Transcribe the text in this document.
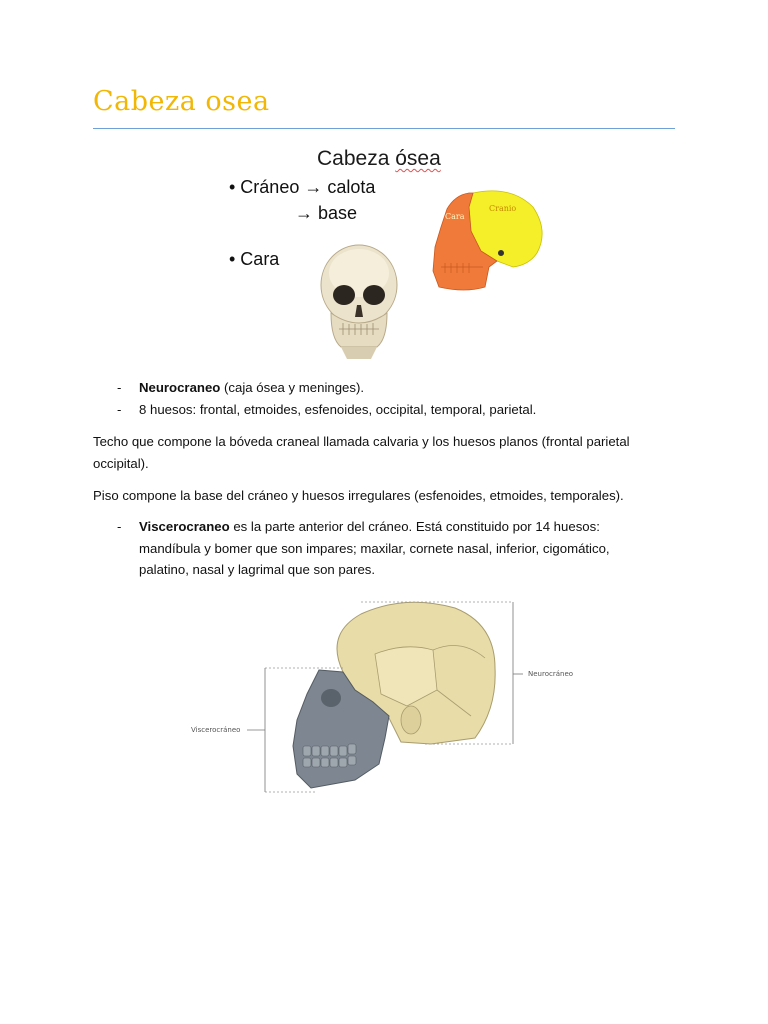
Cabeza osea
Cabeza ósea
• Cráneo → calota
→ base
• Cara
Cara
Cranio
- Neurocraneo (caja ósea y meninges).
- 8 huesos: frontal, etmoides, esfenoides, occipital, temporal, parietal.
Techo que compone la bóveda craneal llamada calvaria y los huesos planos (frontal parietal
occipital).
Piso compone la base del cráneo y huesos irregulares (esfenoides, etmoides, temporales).
- Viscerocraneo es la parte anterior del cráneo. Está constituido por 14 huesos:
mandíbula y bomer que son impares; maxilar, cornete nasal, inferior, cigomático,
palatino, nasal y lagrimal que son pares.
Neurocráneo
Viscerocráneo
